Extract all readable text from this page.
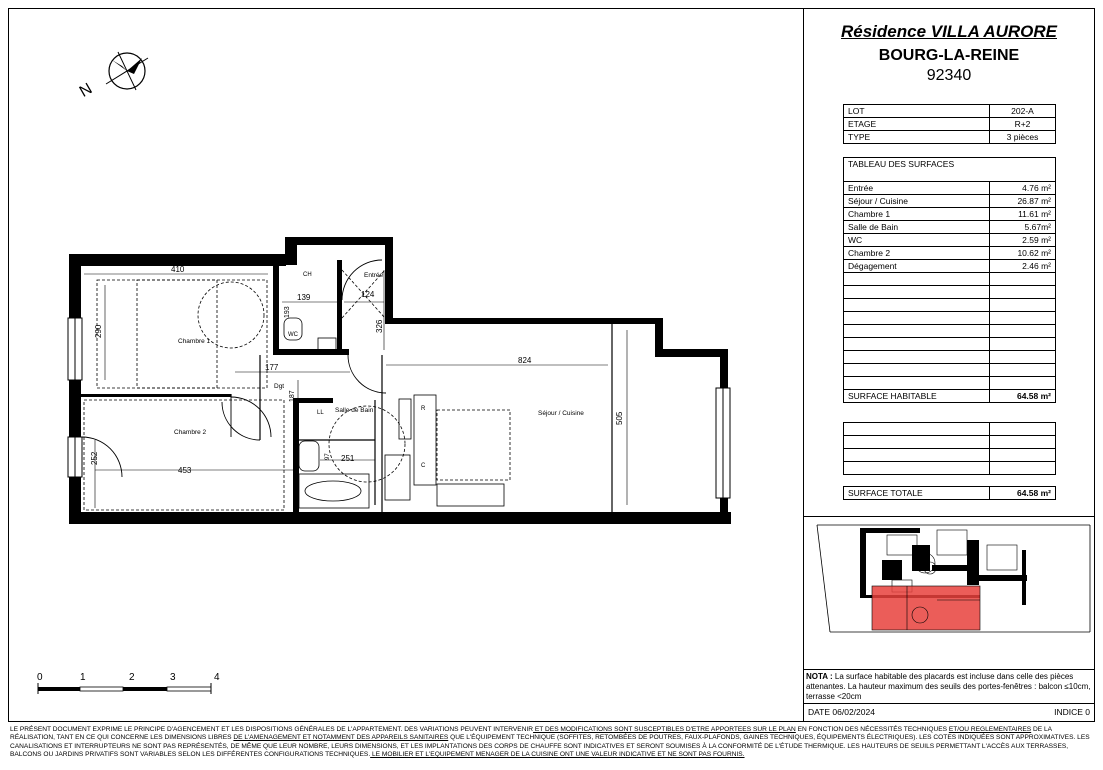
N
Chambre 1
Chambre 2
Séjour / Cuisine
Salle de Bain
Entrée
Dgt
WC
CH
LL
R
C
410
290
139
193
124
326
177
187
824
505
252
453
251
97
0	1	2	3	4
Résidence VILLA AURORE
BOURG-LA-REINE
92340
LOT	202-A
ETAGE	R+2
TYPE	3 pièces
TABLEAU DES SURFACES	

Entrée	4.76 m²
Séjour / Cuisine	26.87 m²
Chambre 1	11.61 m²
Salle de Bain	5.67m²
WC	2.59 m²
Chambre 2	10.62 m²
Dégagement	2.46 m²

SURFACE HABITABLE	64.58 m²

SURFACE TOTALE	64.58 m²
NOTA : La surface habitable des placards est incluse dans celle des pièces attenantes. La hauteur maximum des seuils des portes-fenêtres : balcon ≤10cm, terrasse <20cm
DATE 06/02/2024	INDICE 0
LE PRÉSENT DOCUMENT EXPRIME LE PRINCIPE D'AGENCEMENT ET LES DISPOSITIONS GÉNÉRALES DE L'APPARTEMENT. DES VARIATIONS PEUVENT INTERVENIR ET DES MODIFICATIONS SONT SUSCEPTIBLES D'ETRE APPORTEES SUR LE PLAN EN FONCTION DES NÉCESSITÉS TECHNIQUES ET/OU REGLEMENTAIRES DE LA RÉALISATION, TANT EN CE QUI CONCERNE LES DIMENSIONS LIBRES DE L'AMENAGEMENT ET NOTAMMENT DES APPAREILS SANITAIRES QUE L'ÉQUIPEMENT TECHNIQUE (SOFFITES, RETOMBÉES DE POUTRES, FAUX-PLAFONDS, GAINES TECHNIQUES, ÉQUIPEMENTS ÉLECTRIQUES). LES COTES INDIQUÉES SONT APPROXIMATIVES. LES CANALISATIONS ET INTERRUPTEURS NE SONT PAS REPRÉSENTÉS, DE MÊME QUE LEUR NOMBRE, LEURS DIMENSIONS, ET LES IMPLANTATIONS DES CORPS DE CHAUFFE SONT INDICATIVES ET SERONT SOUMISES À LA CONFORMITÉ DE L'ÉTUDE THERMIQUE. LES HAUTEURS DE SEUILS PERMETTANT L'ACCÈS AUX TERRASSES, BALCONS OU JARDINS PRIVATIFS SONT VARIABLES SELON LES DIFFÉRENTES CONFIGURATIONS TECHNIQUES. LE MOBILIER ET L'EQUIPEMENT MENAGER DE LA CUISINE ONT UNE VALEUR INDICATIVE ET NE SONT PAS FOURNIS.
